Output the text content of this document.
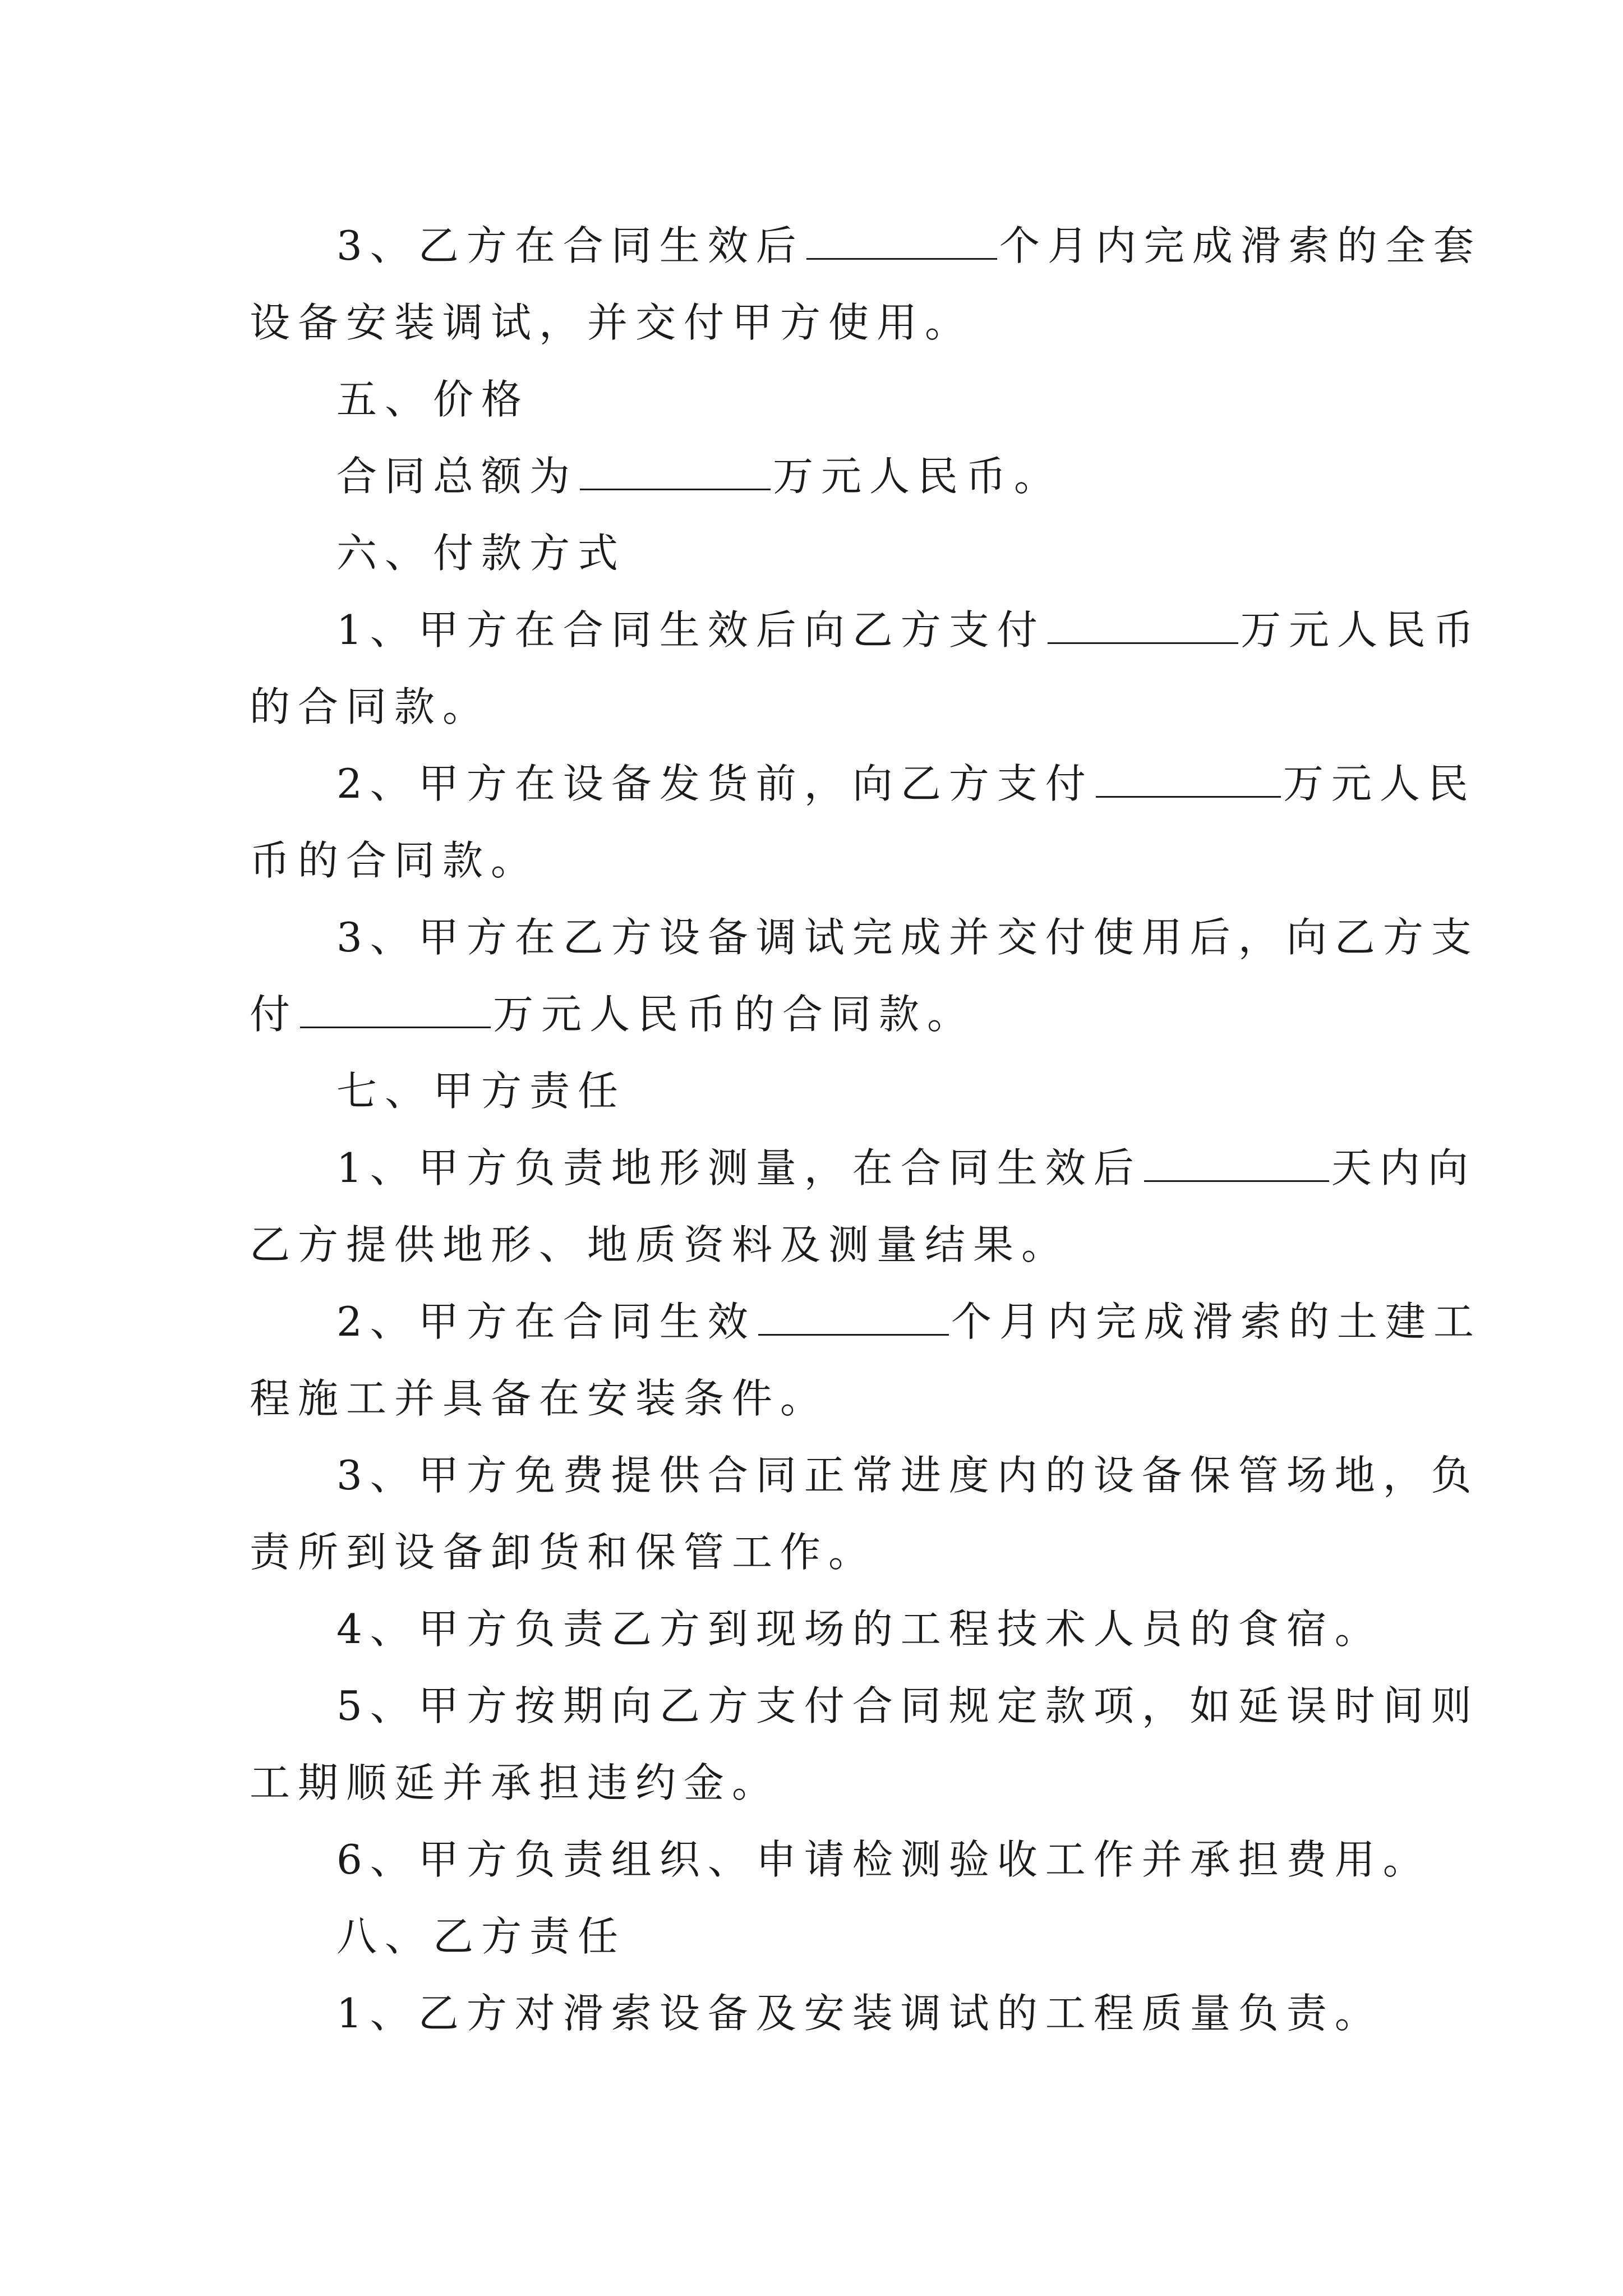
3、乙方在合同生效后	个月内完成滑索的全套
设备安装调试，并交付甲方使用。
五、价格
合同总额为	万元人民币。
六、付款方式
1、甲方在合同生效后向乙方支付	万元人民币
的合同款。
2、甲方在设备发货前，向乙方支付	万元人民
币的合同款。
3、甲方在乙方设备调试完成并交付使用后，向乙方支
付	万元人民币的合同款。
七、甲方责任
1、甲方负责地形测量，在合同生效后	天内向
乙方提供地形、地质资料及测量结果。
2、甲方在合同生效	个月内完成滑索的土建工
程施工并具备在安装条件。
3、甲方免费提供合同正常进度内的设备保管场地，负
责所到设备卸货和保管工作。
4、甲方负责乙方到现场的工程技术人员的食宿。
5、甲方按期向乙方支付合同规定款项，如延误时间则
工期顺延并承担违约金。
6、甲方负责组织、申请检测验收工作并承担费用。
八、乙方责任
1、乙方对滑索设备及安装调试的工程质量负责。
